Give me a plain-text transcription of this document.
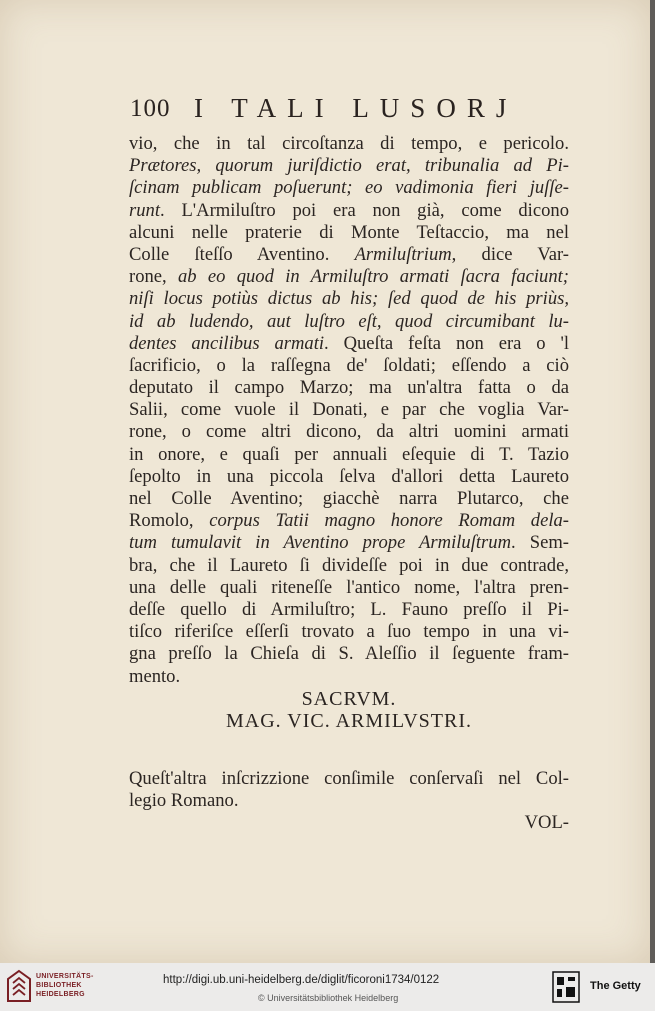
100 I TALI LUSORJ
vio, che in tal circoſtanza di tempo, e pericolo.
Prætores, quorum juriſdictio erat, tribunalia ad Pi-
ſcinam publicam poſuerunt; eo vadimonia fieri juſſe-
runt. L'Armiluſtro poi era non già, come dicono
alcuni nelle praterie di Monte Teſtaccio, ma nel
Colle ſteſſo Aventino. Armiluſtrium, dice Var-
rone, ab eo quod in Armiluſtro armati ſacra faciunt;
niſi locus potiùs dictus ab his; ſed quod de his priùs,
id ab ludendo, aut luſtro eſt, quod circumibant lu-
dentes ancilibus armati. Queſta feſta non era o 'l
ſacrificio, o la raſſegna de' ſoldati; eſſendo a ciò
deputato il campo Marzo; ma un'altra fatta o da
Salii, come vuole il Donati, e par che voglia Var-
rone, o come altri dicono, da altri uomini armati
in onore, e quaſi per annuali eſequie di T. Tazio
ſepolto in una piccola ſelva d'allori detta Laureto
nel Colle Aventino; giacchè narra Plutarco, che
Romolo, corpus Tatii magno honore Romam dela-
tum tumulavit in Aventino prope Armiluſtrum. Sem-
bra, che il Laureto ſi divideſſe poi in due contrade,
una delle quali riteneſſe l'antico nome, l'altra pren-
deſſe quello di Armiluſtro; L. Fauno preſſo il Pi-
tiſco riferiſce eſſerſi trovato a ſuo tempo in una vi-
gna preſſo la Chieſa di S. Aleſſio il ſeguente fram-
mento.
SACRVM.
MAG. VIC. ARMILVSTRI.
Queſt'altra inſcrizzione conſimile conſervaſi nel Col-
legio Romano.
VOL-
UNIVERSITÄTS-
BIBLIOTHEK
HEIDELBERG
http://digi.ub.uni-heidelberg.de/diglit/ficoroni1734/0122
© Universitätsbibliothek Heidelberg
The Getty
